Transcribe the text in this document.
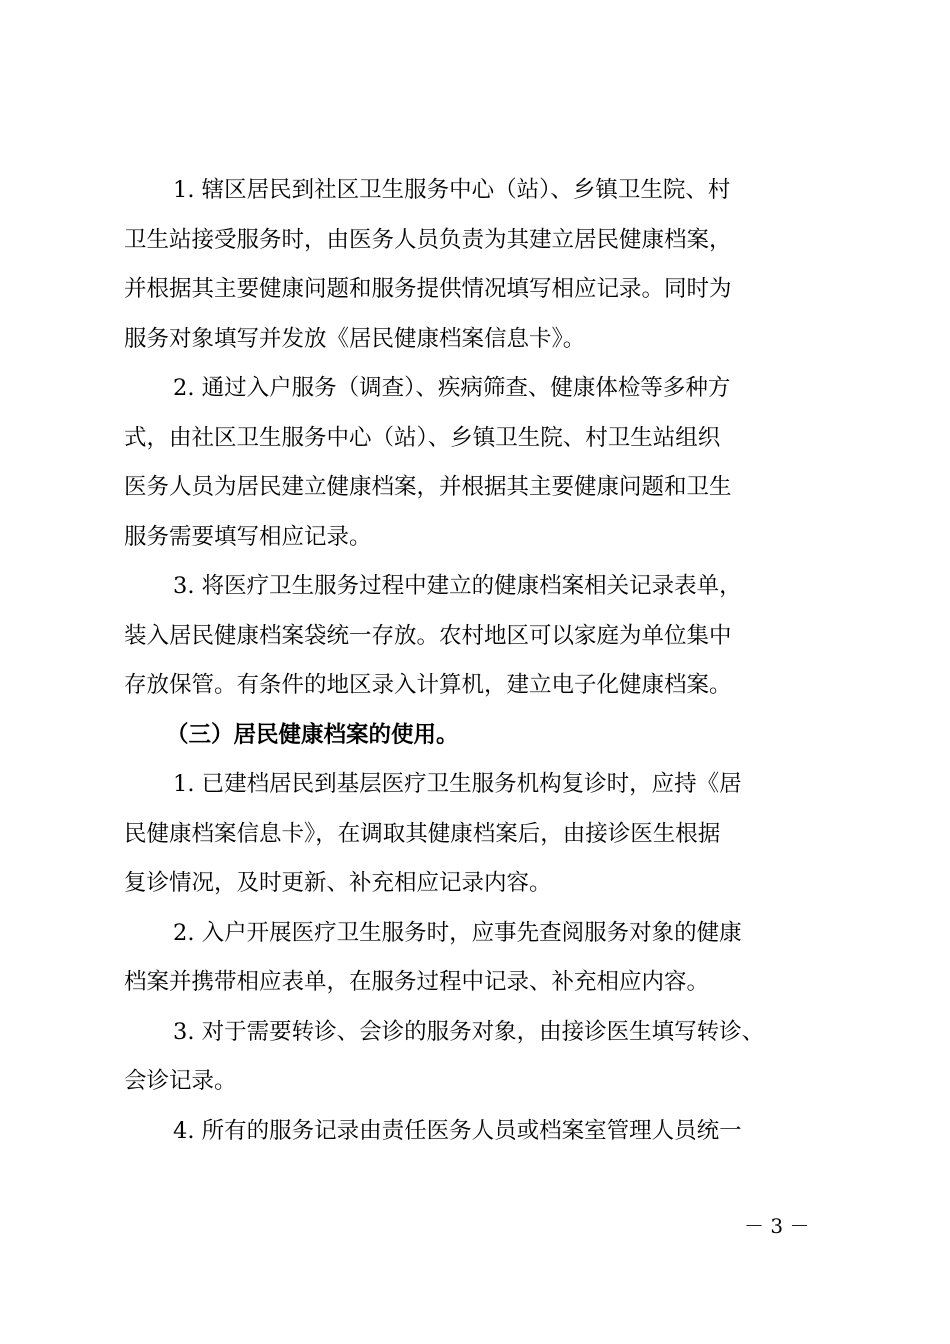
1. 辖区居民到社区卫生服务中心（站）、乡镇卫生院、村
卫生站接受服务时，由医务人员负责为其建立居民健康档案，
并根据其主要健康问题和服务提供情况填写相应记录。同时为
服务对象填写并发放《居民健康档案信息卡》。
2. 通过入户服务（调查）、疾病筛查、健康体检等多种方
式，由社区卫生服务中心（站）、乡镇卫生院、村卫生站组织
医务人员为居民建立健康档案，并根据其主要健康问题和卫生
服务需要填写相应记录。
3. 将医疗卫生服务过程中建立的健康档案相关记录表单，
装入居民健康档案袋统一存放。农村地区可以家庭为单位集中
存放保管。有条件的地区录入计算机，建立电子化健康档案。
（三）居民健康档案的使用。
1. 已建档居民到基层医疗卫生服务机构复诊时，应持《居
民健康档案信息卡》，在调取其健康档案后，由接诊医生根据
复诊情况，及时更新、补充相应记录内容。
2. 入户开展医疗卫生服务时，应事先查阅服务对象的健康
档案并携带相应表单，在服务过程中记录、补充相应内容。
3. 对于需要转诊、会诊的服务对象，由接诊医生填写转诊、
会诊记录。
4. 所有的服务记录由责任医务人员或档案室管理人员统一
－ 3 －
